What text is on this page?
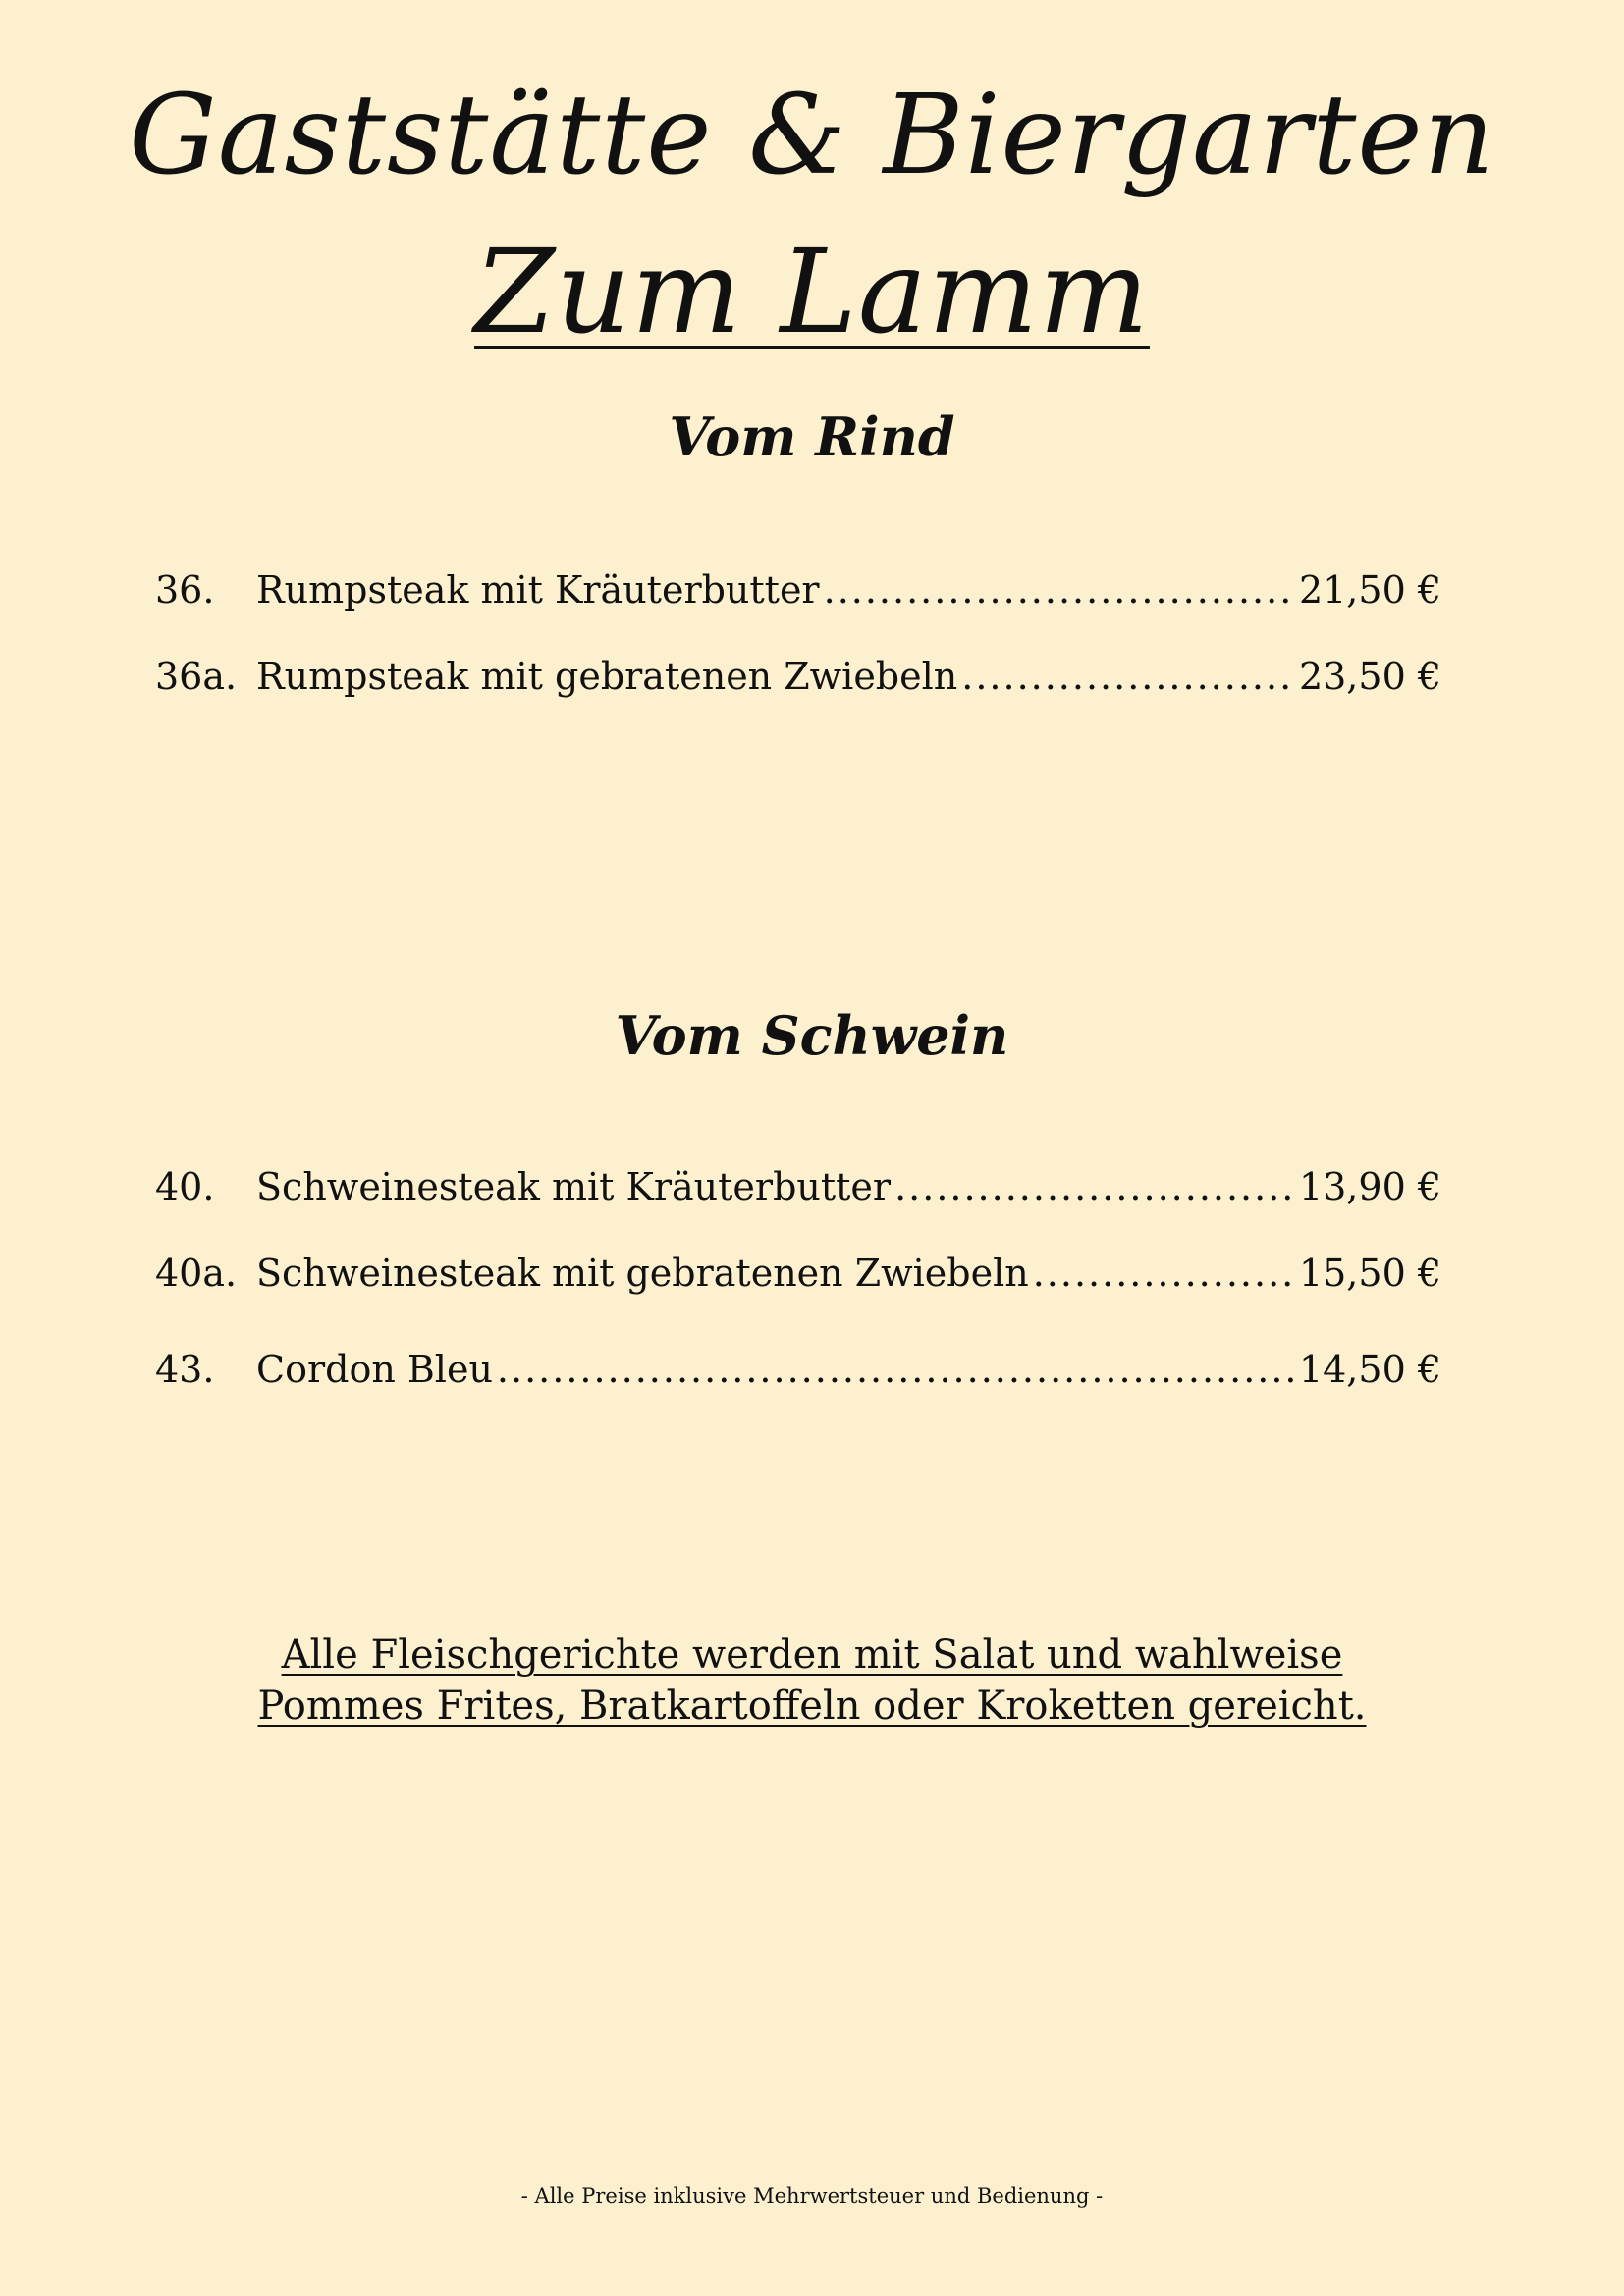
Gaststätte & Biergarten
Zum Lamm
Vom Rind
36.	Rumpsteak mit Kräuterbutter .....	21,50 €
36a. Rumpsteak mit gebratenen Zwiebeln .....	23,50 €
Vom Schwein
40.	Schweinesteak mit Kräuterbutter .....	13,90 €
40a. Schweinesteak mit gebratenen Zwiebeln .....	15,50 €
43.	Cordon Bleu .....	14,50 €

Alle Fleischgerichte werden mit Salat und wahlweise
Pommes Frites, Bratkartoffeln oder Kroketten gereicht.

- Alle Preise inklusive Mehrwertsteuer und Bedienung -
